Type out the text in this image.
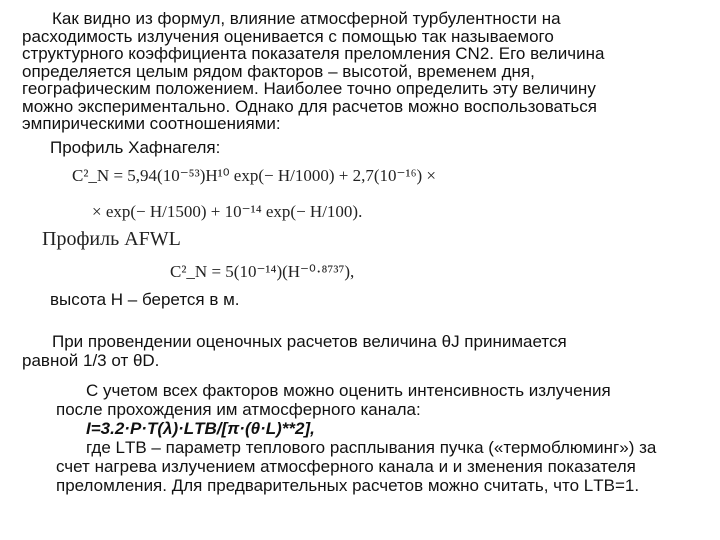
Как видно из формул, влияние атмосферной турбулентности на
расходимость излучения оценивается с помощью так называемого
структурного коэффициента показателя преломления CN2. Его величина
определяется целым рядом факторов – высотой, временем дня,
географическим положением. Наиболее точно определить эту величину
можно экспериментально. Однако для расчетов можно воспользоваться
эмпирическими соотношениями:
Профиль Хафнагеля:
C²_N = 5,94(10⁻⁵³)H¹⁰ exp(− H/1000) + 2,7(10⁻¹⁶) ×
× exp(− H/1500) + 10⁻¹⁴ exp(− H/100).
Профиль AFWL
C²_N = 5(10⁻¹⁴)(H⁻⁰·⁸⁷³⁷),
высота H – берется в м.
При провендении оценочных расчетов величина θJ принимается
равной 1/3 от θD.
С учетом всех факторов можно оценить интенсивность излучения
после прохождения им атмосферного канала:
I=3.2·P·T(λ)·LТВ/[π·(θ·L)**2],
где LТВ – параметр теплового расплывания пучка («термоблюминг») за
счет нагрева излучением атмосферного канала и и зменения показателя
преломления. Для предварительных расчетов можно считать, что LТВ=1.
